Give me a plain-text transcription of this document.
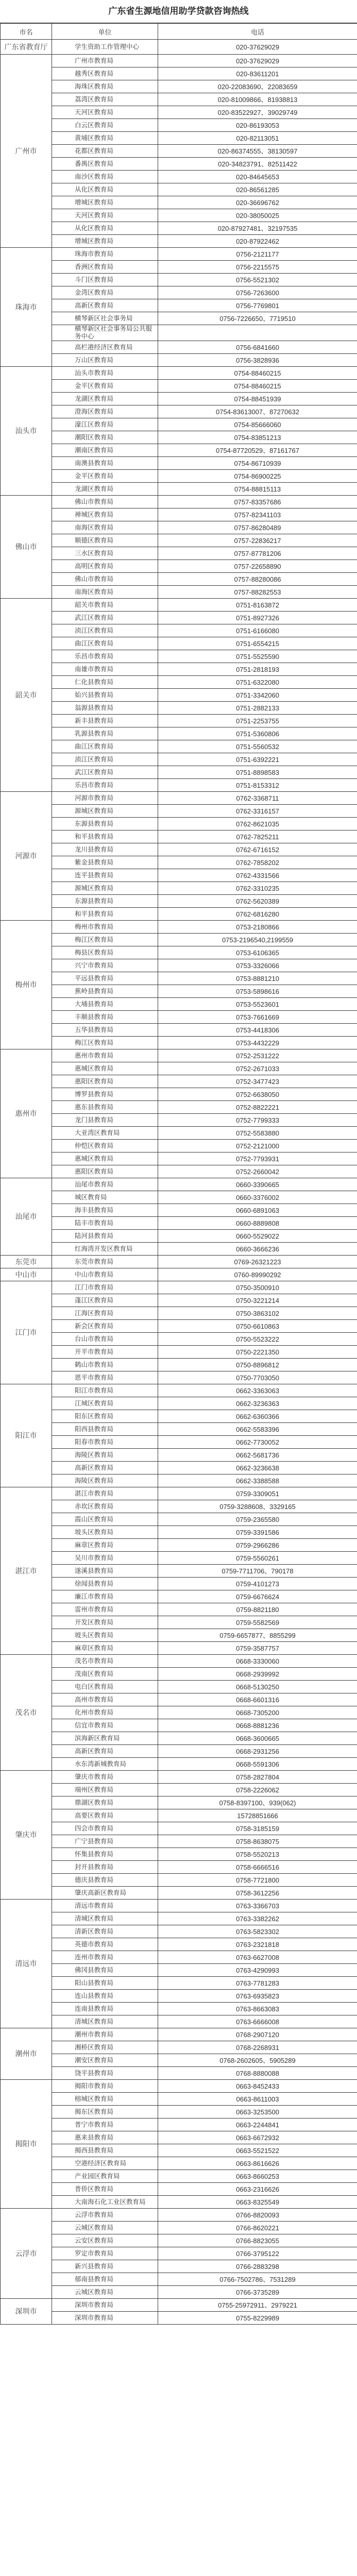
广东省生源地信用助学贷款咨询热线
市名	单位	电话
广东省教育厅	学生资助工作管理中心	020-37629029
广州市	广州市教育局	020-37629029
	越秀区教育局	020-83611201
	海珠区教育局	020-22083690、22083659
	荔湾区教育局	020-81009866、81938813
	天河区教育局	020-83522927、39029749
	白云区教育局	020-86193053
	黄埔区教育局	020-82113051
	花都区教育局	020-86374555、38130597
	番禺区教育局	020-34823791、82511422
	南沙区教育局	020-84645653
	从化区教育局	020-86561285
	增城区教育局	020-36696762
	天河区教育局	020-38050025
	从化区教育局	020-87927481、32197535
	增城区教育局	020-87922462
珠海市	珠海市教育局	0756-2121177
	香洲区教育局	0756-2215575
	斗门区教育局	0756-5521302
	金湾区教育局	0756-7263600
	高新区教育局	0756-7769801
	横琴新区社会事务局	0756-7226650、7719510
	横琴新区社会事务局公共服务中心	
	高栏港经济区教育局	0756-6841660
	万山区教育局	0756-3828936
汕头市	汕头市教育局	0754-88460215
	金平区教育局	0754-88460215
	龙湖区教育局	0754-88451939
	澄海区教育局	0754-83613007、87270632
	濠江区教育局	0754-85666060
	潮阳区教育局	0754-83851213
	潮南区教育局	0754-87720529、87161767
	南澳县教育局	0754-86710939
	金平区教育局	0754-86900225
	龙湖区教育局	0754-88815113
佛山市	佛山市教育局	0757-83357686
	禅城区教育局	0757-82341103
	南海区教育局	0757-86280489
	顺德区教育局	0757-22836217
	三水区教育局	0757-87781206
	高明区教育局	0757-22658890
	佛山市教育局	0757-88280086
	南海区教育局	0757-88282553
韶关市	韶关市教育局	0751-8163872
	武江区教育局	0751-8927326
	浈江区教育局	0751-6166080
	曲江区教育局	0751-6554215
	乐昌市教育局	0751-5525590
	南雄市教育局	0751-2818193
	仁化县教育局	0751-6322080
	始兴县教育局	0751-3342060
	翁源县教育局	0751-2882133
	新丰县教育局	0751-2253755
	乳源县教育局	0751-5360806
	曲江区教育局	0751-5560532
	浈江区教育局	0751-6392221
	武江区教育局	0751-8898583
	乐昌市教育局	0751-8153312
河源市	河源市教育局	0762-3368711
	源城区教育局	0762-3316157
	东源县教育局	0762-8621035
	和平县教育局	0762-7825211
	龙川县教育局	0762-6716152
	紫金县教育局	0762-7858202
	连平县教育局	0762-4331566
	源城区教育局	0762-3310235
	东源县教育局	0762-5620389
	和平县教育局	0762-6816280
梅州市	梅州市教育局	0753-2180866
	梅江区教育局	0753-2196540,2199559
	梅县区教育局	0753-6106365
	兴宁市教育局	0753-3326066
	平远县教育局	0753-8881210
	蕉岭县教育局	0753-5898616
	大埔县教育局	0753-5523601
	丰顺县教育局	0753-7661669
	五华县教育局	0753-4418306
	梅江区教育局	0753-4432229
惠州市	惠州市教育局	0752-2531222
	惠城区教育局	0752-2671033
	惠阳区教育局	0752-3477423
	博罗县教育局	0752-6638050
	惠东县教育局	0752-8822221
	龙门县教育局	0752-7799333
	大亚湾区教育局	0752-5583880
	仲恺区教育局	0752-2121000
	惠城区教育局	0752-7793931
	惠阳区教育局	0752-2660042
汕尾市	汕尾市教育局	0660-3390665
	城区教育局	0660-3376002
	海丰县教育局	0660-6891063
	陆丰市教育局	0660-8889808
	陆河县教育局	0660-5529022
	红海湾开发区教育局	0660-3666236
东莞市	东莞市教育局	0769-26321223
中山市	中山市教育局	0760-89990292
江门市	江门市教育局	0750-3500910
	蓬江区教育局	0750-3221214
	江海区教育局	0750-3863102
	新会区教育局	0750-6610863
	台山市教育局	0750-5523222
	开平市教育局	0750-2221350
	鹤山市教育局	0750-8896812
	恩平市教育局	0750-7703050
阳江市	阳江市教育局	0662-3363063
	江城区教育局	0662-3236363
	阳东区教育局	0662-6360366
	阳西县教育局	0662-5583396
	阳春市教育局	0662-7730052
	海陵区教育局	0662-5681736
	高新区教育局	0662-3236638
	海陵区教育局	0662-3388588
湛江市	湛江市教育局	0759-3309051
	赤坎区教育局	0759-3288608、3329165
	霞山区教育局	0759-2365580
	坡头区教育局	0759-3391586
	麻章区教育局	0759-2966286
	吴川市教育局	0759-5560261
	遂溪县教育局	0759-7711706、790178
	徐闻县教育局	0759-4101273
	廉江市教育局	0759-6676624
	雷州市教育局	0759-8821180
	开发区教育局	0759-5582569
	坡头区教育局	0759-6657877、8855299
	麻章区教育局	0759-3587757
茂名市	茂名市教育局	0668-3330060
	茂南区教育局	0668-2939992
	电白区教育局	0668-5130250
	高州市教育局	0668-6601316
	化州市教育局	0668-7305200
	信宜市教育局	0668-8881236
	滨海新区教育局	0668-3600665
	高新区教育局	0668-2931256
	水东湾新城教育局	0668-5591306
肇庆市	肇庆市教育局	0758-2827804
	端州区教育局	0758-2226062
	鼎湖区教育局	0758-8397100、939(062)
	高要区教育局	15728851666
	四会市教育局	0758-3185159
	广宁县教育局	0758-8638075
	怀集县教育局	0758-5520213
	封开县教育局	0758-6666516
	德庆县教育局	0758-7721800
	肇庆高新区教育局	0758-3612256
清远市	清远市教育局	0763-3366703
	清城区教育局	0763-3382262
	清新区教育局	0763-5823302
	英德市教育局	0763-2321818
	连州市教育局	0763-6627008
	佛冈县教育局	0763-4290993
	阳山县教育局	0763-7781283
	连山县教育局	0763-6935823
	连南县教育局	0763-8663083
	清城区教育局	0763-6666008
潮州市	潮州市教育局	0768-2907120
	湘桥区教育局	0768-2268931
	潮安区教育局	0768-2602605、5905289
	饶平县教育局	0768-8880088
揭阳市	揭阳市教育局	0663-8452433
	榕城区教育局	0663-8611003
	揭东区教育局	0663-3253500
	普宁市教育局	0663-2244841
	惠来县教育局	0663-6672932
	揭西县教育局	0663-5521522
	空港经济区教育局	0663-8616626
	产业园区教育局	0663-8660253
	普侨区教育局	0663-2316626
	大南海石化工业区教育局	0663-8325549
云浮市	云浮市教育局	0766-8820093
	云城区教育局	0766-8620221
	云安区教育局	0766-8823055
	罗定市教育局	0766-3795122
	新兴县教育局	0766-2883298
	郁南县教育局	0766-7502786、7531289
	云城区教育局	0766-3735289
深圳市	深圳市教育局	0755-25972911、2979221
	深圳市教育局	0755-8229989
